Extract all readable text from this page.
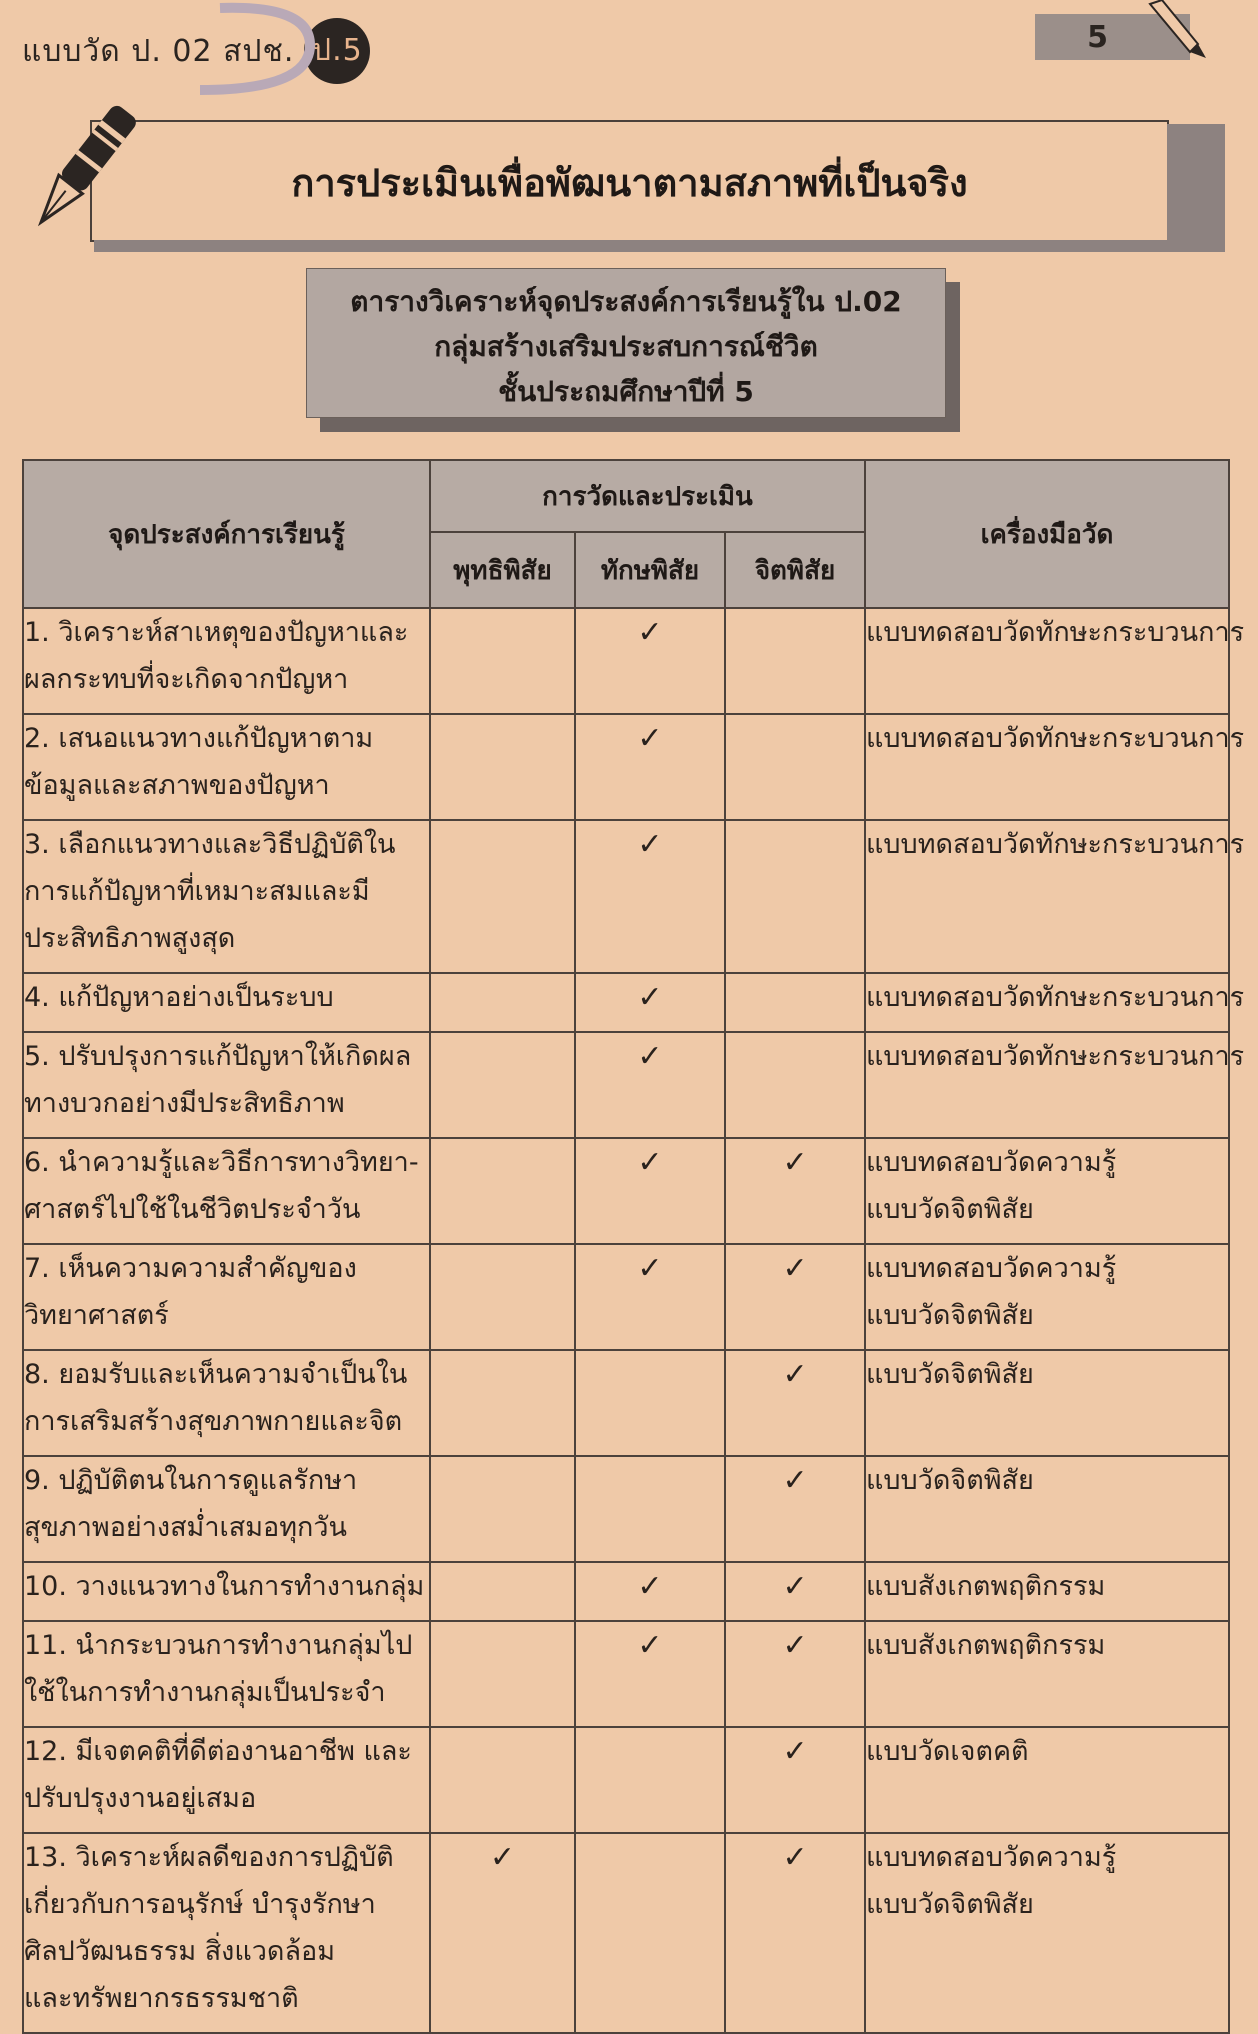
แบบวัด ป. 02 สปช. ป.5	5
การประเมินเพื่อพัฒนาตามสภาพที่เป็นจริง
ตารางวิเคราะห์จุดประสงค์การเรียนรู้ใน ป.02
กลุ่มสร้างเสริมประสบการณ์ชีวิต
ชั้นประถมศึกษาปีที่ 5
จุดประสงค์การเรียนรู้	การวัดและประเมิน			เครื่องมือวัด
	พุทธิพิสัย	ทักษพิสัย	จิตพิสัย	

1. วิเคราะห์สาเหตุของปัญหาและ
ผลกระทบที่จะเกิดจากปัญหา		✓		แบบทดสอบวัดทักษะกระบวนการ

2. เสนอแนวทางแก้ปัญหาตาม
ข้อมูลและสภาพของปัญหา		✓		แบบทดสอบวัดทักษะกระบวนการ

3. เลือกแนวทางและวิธีปฏิบัติใน
การแก้ปัญหาที่เหมาะสมและมี
ประสิทธิภาพสูงสุด		✓		แบบทดสอบวัดทักษะกระบวนการ

4. แก้ปัญหาอย่างเป็นระบบ		✓		แบบทดสอบวัดทักษะกระบวนการ

5. ปรับปรุงการแก้ปัญหาให้เกิดผล
ทางบวกอย่างมีประสิทธิภาพ		✓		แบบทดสอบวัดทักษะกระบวนการ

6. นำความรู้และวิธีการทางวิทยา-
ศาสตร์ไปใช้ในชีวิตประจำวัน		✓	✓	แบบทดสอบวัดความรู้
แบบวัดจิตพิสัย

7. เห็นความความสำคัญของ
วิทยาศาสตร์		✓	✓	แบบทดสอบวัดความรู้
แบบวัดจิตพิสัย

8. ยอมรับและเห็นความจำเป็นใน
การเสริมสร้างสุขภาพกายและจิต			✓	แบบวัดจิตพิสัย

9. ปฏิบัติตนในการดูแลรักษา
สุขภาพอย่างสม่ำเสมอทุกวัน			✓	แบบวัดจิตพิสัย

10. วางแนวทางในการทำงานกลุ่ม		✓	✓	แบบสังเกตพฤติกรรม

11. นำกระบวนการทำงานกลุ่มไป
ใช้ในการทำงานกลุ่มเป็นประจำ		✓	✓	แบบสังเกตพฤติกรรม

12. มีเจตคติที่ดีต่องานอาชีพ และ
ปรับปรุงงานอยู่เสมอ			✓	แบบวัดเจตคติ

13. วิเคราะห์ผลดีของการปฏิบัติ
เกี่ยวกับการอนุรักษ์ บำรุงรักษา
ศิลปวัฒนธรรม สิ่งแวดล้อม
และทรัพยากรธรรมชาติ	✓		✓	แบบทดสอบวัดความรู้
แบบวัดจิตพิสัย
